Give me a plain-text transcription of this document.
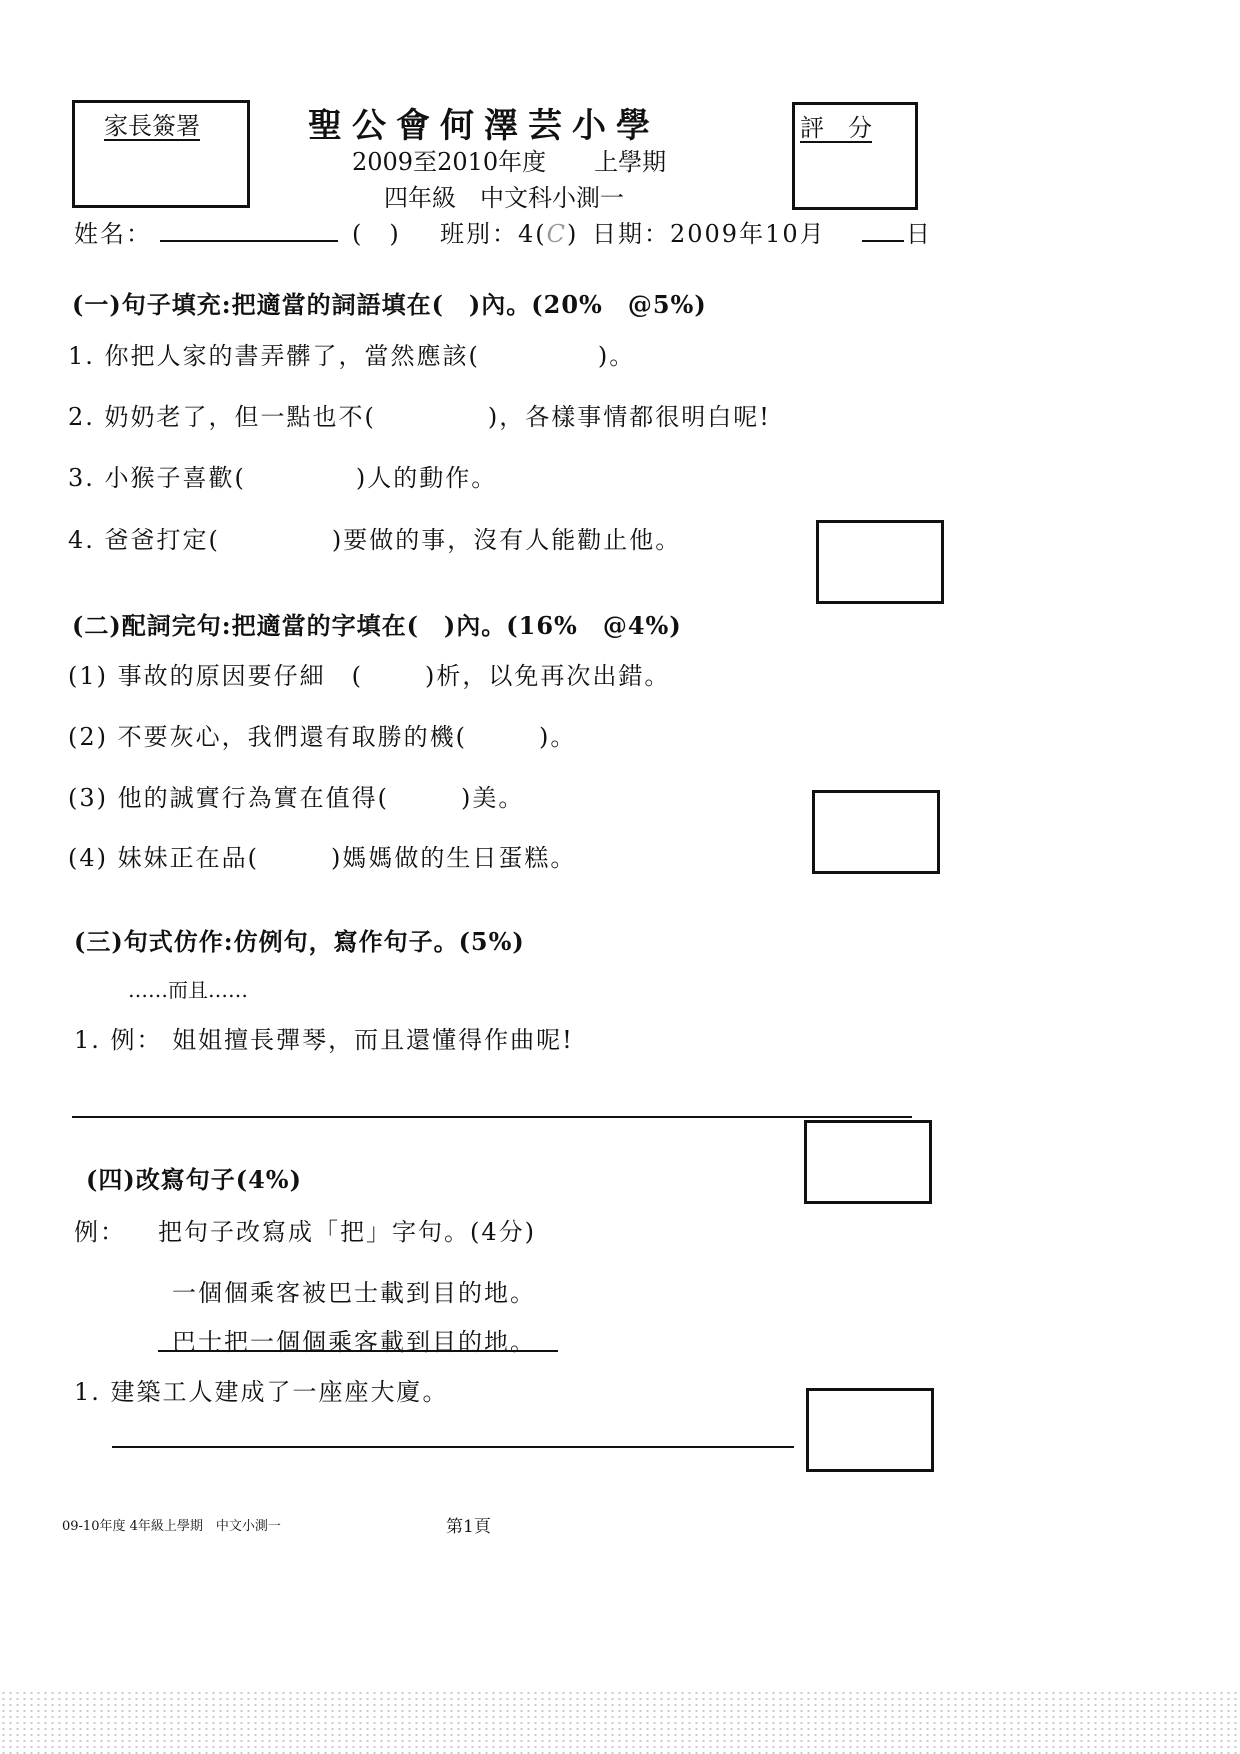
家長簽署	聖公會何澤芸小學
2009至2010年度　　上學期
四年級　中文科小測一
評　分
姓名：	(　) 班別：4(C) 日期：2009年10月	日
(一)句子填充:把適當的詞語填在(　)內。(20%　@5%)
1. 你把人家的書弄髒了，當然應該(	)。
2. 奶奶老了，但一點也不(	)，各樣事情都很明白呢!
3. 小猴子喜歡(	)人的動作。
4. 爸爸打定(	)要做的事，沒有人能勸止他。
(二)配詞完句:把適當的字填在(　)內。(16%　@4%)
(1) 事故的原因要仔細　(	)析，以免再次出錯。
(2) 不要灰心，我們還有取勝的機(	)。
(3) 他的誠實行為實在值得(	)美。
(4) 妹妹正在品(	)媽媽做的生日蛋糕。
(三)句式仿作:仿例句，寫作句子。(5%)
……而且……
1. 例： 姐姐擅長彈琴，而且還懂得作曲呢!
(四)改寫句子(4%)
例： 把句子改寫成「把」字句。(4分)
一個個乘客被巴士載到目的地。
巴士把一個個乘客載到目的地。
1. 建築工人建成了一座座大廈。
09-10年度 4年級上學期　中文小測一	第1頁
